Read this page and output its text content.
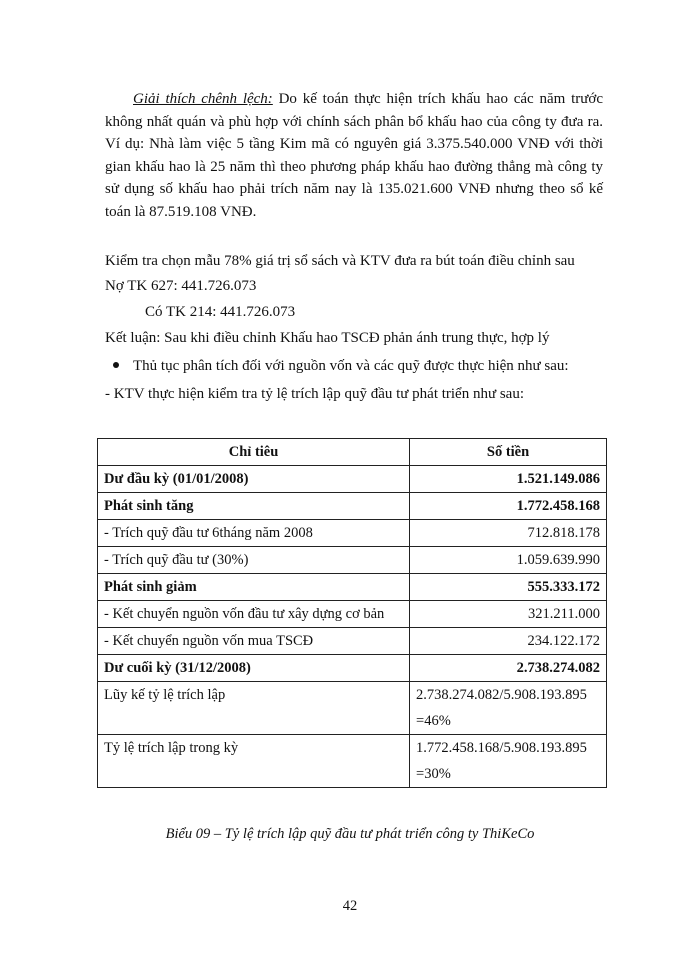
Giải thích chênh lệch: Do kế toán thực hiện trích khấu hao các năm trước không nhất quán và phù hợp với chính sách phân bổ khấu hao của công ty đưa ra. Ví dụ: Nhà làm việc 5 tầng Kim mã có nguyên giá 3.375.540.000 VNĐ với thời gian khấu hao là 25 năm thì theo phương pháp khấu hao đường thẳng mà công ty sử dụng số khấu hao phải trích năm nay là 135.021.600 VNĐ nhưng theo sổ kế toán là 87.519.108 VNĐ.
Kiểm tra chọn mẫu 78% giá trị sổ sách và KTV đưa ra bút toán điều chỉnh sau
Nợ TK 627: 441.726.073
Có TK 214: 441.726.073
Kết luận: Sau khi điều chỉnh Khấu hao TSCĐ phản ánh trung thực, hợp lý
Thủ tục phân tích đối với nguồn vốn và các quỹ được thực hiện như sau:
- KTV thực hiện kiểm tra tỷ lệ trích lập quỹ đầu tư phát triển như sau:
Chỉ tiêu	Số tiền
Dư đầu kỳ (01/01/2008)	1.521.149.086
Phát sinh tăng	1.772.458.168
- Trích quỹ đầu tư 6tháng năm 2008	712.818.178
- Trích quỹ đầu tư (30%)	1.059.639.990
Phát sinh giảm	555.333.172
- Kết chuyển nguồn vốn đầu tư xây dựng cơ bản	321.211.000
- Kết chuyển nguồn vốn mua TSCĐ	234.122.172
Dư cuối kỳ (31/12/2008)	2.738.274.082
Lũy kế tỷ lệ trích lập	2.738.274.082/5.908.193.895
=46%

Tỷ lệ trích lập trong kỳ	1.772.458.168/5.908.193.895
=30%
Biểu 09 – Tỷ lệ trích lập quỹ đầu tư phát triển công ty ThiKeCo
42
